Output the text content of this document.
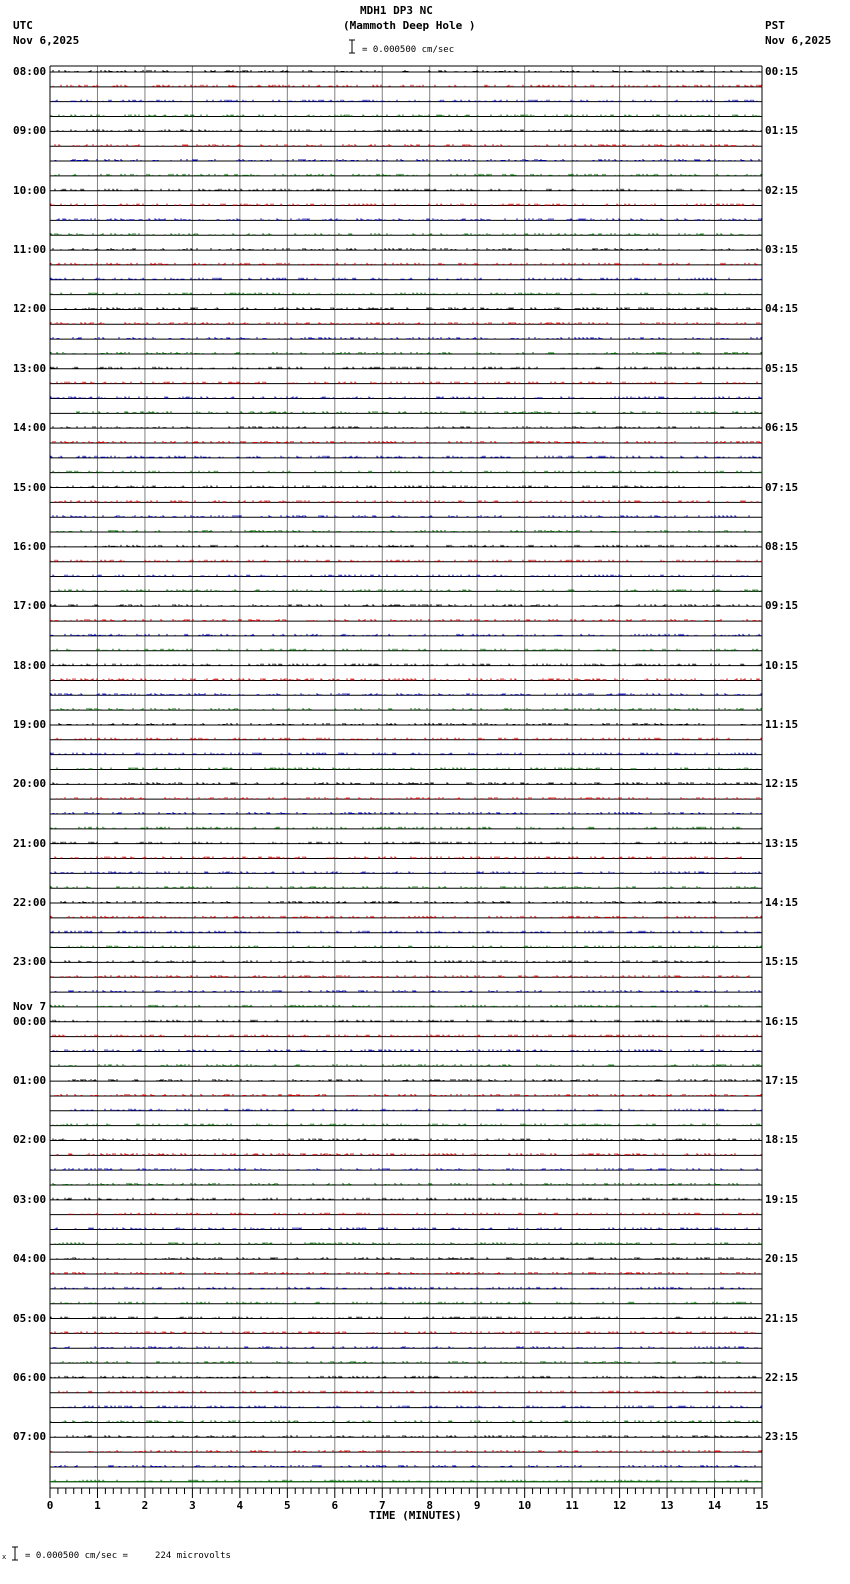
MDH1 DP3 NC
(Mammoth Deep Hole )
UTC
Nov 6,2025
PST
Nov 6,2025
= 0.000500 cm/sec
08:00
09:00
10:00
11:00
12:00
13:00
14:00
15:00
16:00
17:00
18:00
19:00
20:00
21:00
22:00
23:00
Nov 7
00:00
01:00
02:00
03:00
04:00
05:00
06:00
07:00
00:15
01:15
02:15
03:15
04:15
05:15
06:15
07:15
08:15
09:15
10:15
11:15
12:15
13:15
14:15
15:15
16:15
17:15
18:15
19:15
20:15
21:15
22:15
23:15
0	1	2	3	4	5	6	7	8	9	10	11	12	13	14	15
TIME (MINUTES)
x = 0.000500 cm/sec =     224 microvolts
